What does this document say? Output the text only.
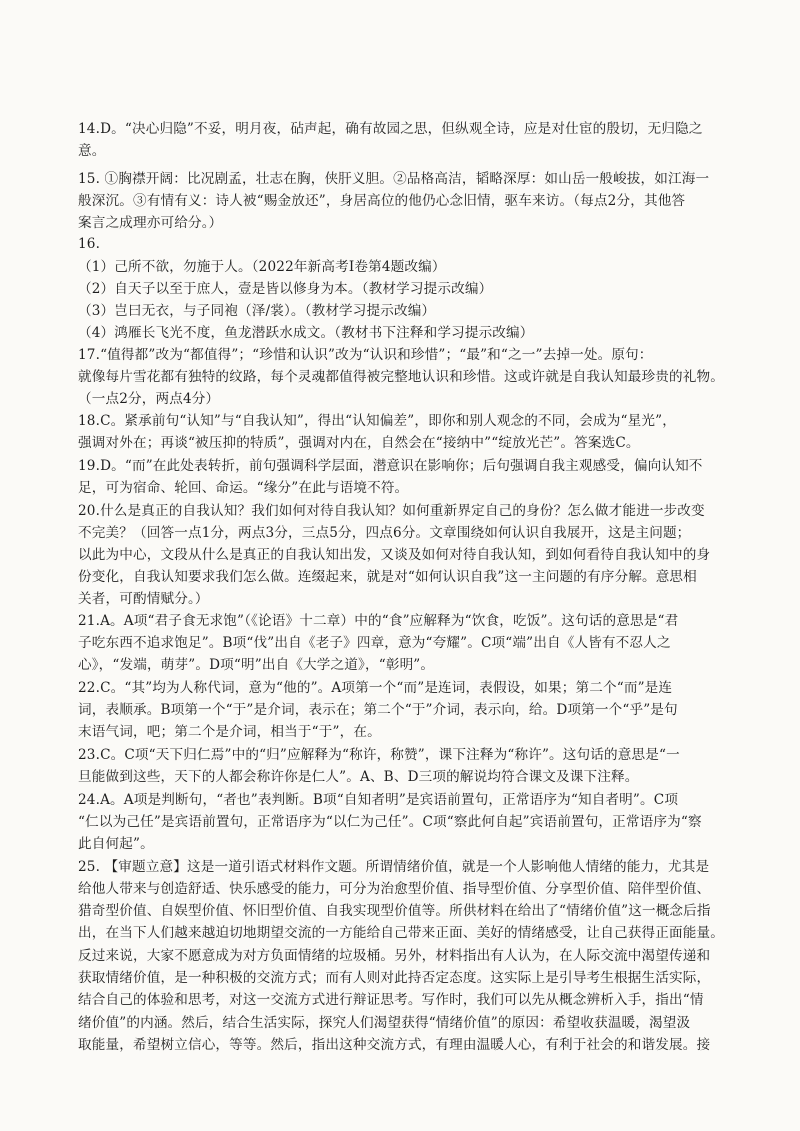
14.D。“决心归隐”不妥，明月夜，砧声起，确有故园之思，但纵观全诗，应是对仕宦的殷切，无归隐之
意。
15. ①胸襟开阔：比况剧孟，壮志在胸，侠肝义胆。②品格高洁，韬略深厚：如山岳一般峻拔，如江海一
般深沉。③有情有义：诗人被“赐金放还”，身居高位的他仍心念旧情，驱车来访。（每点2分，其他答
案言之成理亦可给分。）
16.
（1）己所不欲，勿施于人。（2022年新高考Ⅰ卷第4题改编）
（2）自天子以至于庶人，壹是皆以修身为本。（教材学习提示改编）
（3）岂曰无衣，与子同袍（泽/裳）。（教材学习提示改编）
（4）鸿雁长飞光不度，鱼龙潜跃水成文。（教材书下注释和学习提示改编）
17.“值得都”改为“都值得”；“珍惜和认识”改为“认识和珍惜”；“最”和“之一”去掉一处。原句：
就像每片雪花都有独特的纹路，每个灵魂都值得被完整地认识和珍惜。这或许就是自我认知最珍贵的礼物。
（一点2分，两点4分）
18.C。紧承前句“认知”与“自我认知”，得出“认知偏差”，即你和别人观念的不同，会成为“星光”，
强调对外在；再谈“被压抑的特质”，强调对内在，自然会在“接纳中”“绽放光芒”。答案选C。
19.D。“而”在此处表转折，前句强调科学层面，潜意识在影响你；后句强调自我主观感受，偏向认知不
足，可为宿命、轮回、命运。“缘分”在此与语境不符。
20.什么是真正的自我认知？我们如何对待自我认知？如何重新界定自己的身份？怎么做才能进一步改变
不完美？（回答一点1分，两点3分，三点5分，四点6分。文章围绕如何认识自我展开，这是主问题；
以此为中心，文段从什么是真正的自我认知出发，又谈及如何对待自我认知，到如何看待自我认知中的身
份变化，自我认知要求我们怎么做。连缀起来，就是对“如何认识自我”这一主问题的有序分解。意思相
关者，可酌情赋分。）
21.A。A项“君子食无求饱”（《论语》十二章）中的“食”应解释为“饮食，吃饭”。这句话的意思是“君
子吃东西不追求饱足”。B项“伐”出自《老子》四章，意为“夸耀”。C项“端”出自《人皆有不忍人之
心》，“发端，萌芽”。D项“明”出自《大学之道》，“彰明”。
22.C。“其”均为人称代词，意为“他的”。A项第一个“而”是连词，表假设，如果；第二个“而”是连
词，表顺承。B项第一个“于”是介词，表示在；第二个“于”介词，表示向，给。D项第一个“乎”是句
末语气词，吧；第二个是介词，相当于“于”，在。
23.C。C项“天下归仁焉”中的“归”应解释为“称许，称赞”，课下注释为“称许”。这句话的意思是“一
旦能做到这些，天下的人都会称许你是仁人”。A、B、D三项的解说均符合课文及课下注释。
24.A。A项是判断句，“者也”表判断。B项“自知者明”是宾语前置句，正常语序为“知自者明”。C项
“仁以为己任”是宾语前置句，正常语序为“以仁为己任”。C项“察此何自起”宾语前置句，正常语序为“察
此自何起”。
25. 【审题立意】这是一道引语式材料作文题。所谓情绪价值，就是一个人影响他人情绪的能力，尤其是
给他人带来与创造舒适、快乐感受的能力，可分为治愈型价值、指导型价值、分享型价值、陪伴型价值、
猎奇型价值、自娱型价值、怀旧型价值、自我实现型价值等。所供材料在给出了“情绪价值”这一概念后指
出，在当下人们越来越迫切地期望交流的一方能给自己带来正面、美好的情绪感受，让自己获得正面能量。
反过来说，大家不愿意成为对方负面情绪的垃圾桶。另外，材料指出有人认为，在人际交流中渴望传递和
获取情绪价值，是一种积极的交流方式；而有人则对此持否定态度。这实际上是引导考生根据生活实际，
结合自己的体验和思考，对这一交流方式进行辩证思考。写作时，我们可以先从概念辨析入手，指出“情
绪价值”的内涵。然后，结合生活实际，探究人们渴望获得“情绪价值”的原因：希望收获温暖，渴望汲
取能量，希望树立信心，等等。然后，指出这种交流方式，有理由温暖人心，有利于社会的和谐发展。接
